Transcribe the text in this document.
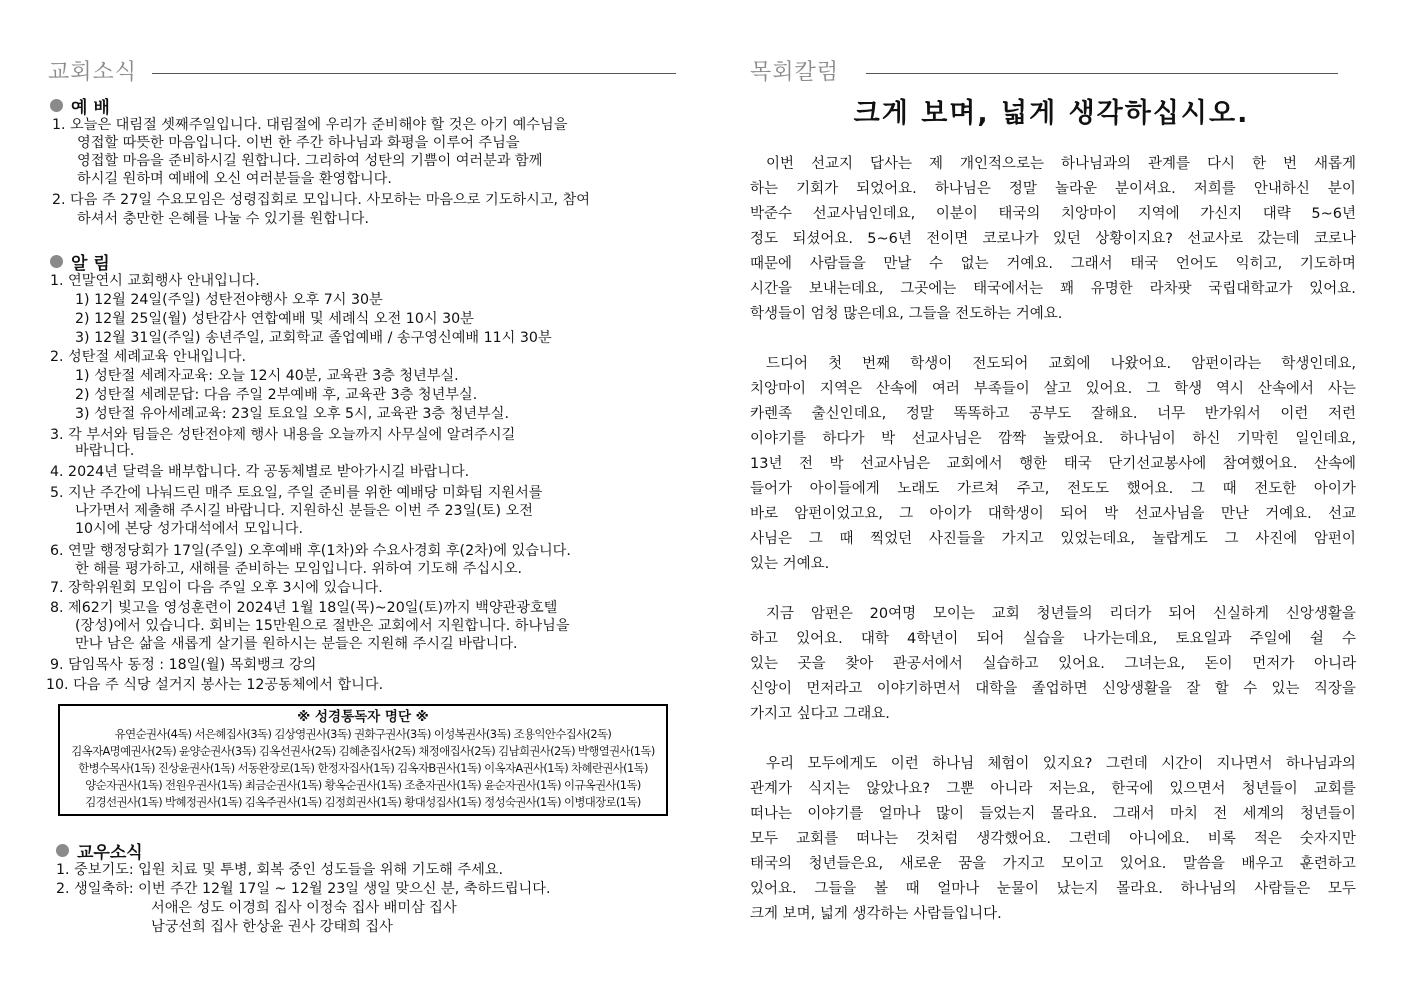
교회소식
예 배
1. 오늘은 대림절 셋째주일입니다. 대림절에 우리가 준비해야 할 것은 아기 예수님을
영접할 따뜻한 마음입니다. 이번 한 주간 하나님과 화평을 이루어 주님을
영접할 마음을 준비하시길 원합니다. 그리하여 성탄의 기쁨이 여러분과 함께
하시길 원하며 예배에 오신 여러분들을 환영합니다.
2. 다음 주 27일 수요모임은 성령집회로 모입니다. 사모하는 마음으로 기도하시고, 참여
하셔서 충만한 은혜를 나눌 수 있기를 원합니다.
알 림
1. 연말연시 교회행사 안내입니다.
1) 12월 24일(주일) 성탄전야행사 오후 7시 30분
2) 12월 25일(월) 성탄감사 연합예배 및 세례식 오전 10시 30분
3) 12월 31일(주일) 송년주일, 교회학교 졸업예배 / 송구영신예배 11시 30분
2. 성탄절 세례교육 안내입니다.
1) 성탄절 세례자교육: 오늘 12시 40분, 교육관 3층 청년부실.
2) 성탄절 세례문답: 다음 주일 2부예배 후, 교육관 3층 청년부실.
3) 성탄절 유아세례교육: 23일 토요일 오후 5시, 교육관 3층 청년부실.
3. 각 부서와 팀들은 성탄전야제 행사 내용을 오늘까지 사무실에 알려주시길
바랍니다.
4. 2024년 달력을 배부합니다. 각 공동체별로 받아가시길 바랍니다.
5. 지난 주간에 나눠드린 매주 토요일, 주일 준비를 위한 예배당 미화팀 지원서를
나가면서 제출해 주시길 바랍니다. 지원하신 분들은 이번 주 23일(토) 오전
10시에 본당 성가대석에서 모입니다.
6. 연말 행정당회가 17일(주일) 오후예배 후(1차)와 수요사경회 후(2차)에 있습니다.
한 해를 평가하고, 새해를 준비하는 모임입니다. 위하여 기도해 주십시오.
7. 장학위원회 모임이 다음 주일 오후 3시에 있습니다.
8. 제62기 빛고을 영성훈련이 2024년 1월 18일(목)~20일(토)까지 백양관광호텔
(장성)에서 있습니다. 회비는 15만원으로 절반은 교회에서 지원합니다. 하나님을
만나 남은 삶을 새롭게 살기를 원하시는 분들은 지원해 주시길 바랍니다.
9. 담임목사 동정 : 18일(월) 목회뱅크 강의
10. 다음 주 식당 설거지 봉사는 12공동체에서 합니다.
※ 성경통독자 명단 ※
유연순권사(4독) 서은혜집사(3독) 김상영권사(3독) 권화구권사(3독) 이성복권사(3독) 조용익안수집사(2독)
김옥자A명예권사(2독) 윤양순권사(3독) 김옥선권사(2독) 김혜춘집사(2독) 채정애집사(2독) 김남희권사(2독) 박행열권사(1독)
한병수목사(1독) 진상윤권사(1독) 서동완장로(1독) 한정자집사(1독) 김옥자B권사(1독) 이옥자A권사(1독) 차혜란권사(1독)
양순자권사(1독) 전원우권사(1독) 최금순권사(1독) 황옥순권사(1독) 조춘자권사(1독) 윤순자권사(1독) 이규옥권사(1독)
김경선권사(1독) 박혜정권사(1독) 김옥주권사(1독) 김정희권사(1독) 황대성집사(1독) 정성숙권사(1독) 이병대장로(1독)
교우소식
1. 중보기도: 입원 치료 및 투병, 회복 중인 성도들을 위해 기도해 주세요.
2. 생일축하: 이번 주간 12월 17일 ~ 12월 23일 생일 맞으신 분, 축하드립니다.
서애은 성도 이경희 집사 이정숙 집사 배미삼 집사
남궁선희 집사 한상윤 권사 강태희 집사
목회칼럼
크게 보며, 넓게 생각하십시오.
이번 선교지 답사는 제 개인적으로는 하나님과의 관계를 다시 한 번 새롭게
하는 기회가 되었어요. 하나님은 정말 놀라운 분이셔요. 저희를 안내하신 분이
박준수 선교사님인데요, 이분이 태국의 치앙마이 지역에 가신지 대략 5~6년
정도 되셨어요. 5~6년 전이면 코로나가 있던 상황이지요? 선교사로 갔는데 코로나
때문에 사람들을 만날 수 없는 거예요. 그래서 태국 언어도 익히고, 기도하며
시간을 보내는데요, 그곳에는 태국에서는 꽤 유명한 라차팟 국립대학교가 있어요.
학생들이 엄청 많은데요, 그들을 전도하는 거예요.
드디어 첫 번째 학생이 전도되어 교회에 나왔어요. 암펀이라는 학생인데요,
치앙마이 지역은 산속에 여러 부족들이 살고 있어요. 그 학생 역시 산속에서 사는
카렌족 출신인데요, 정말 똑똑하고 공부도 잘해요. 너무 반가워서 이런 저런
이야기를 하다가 박 선교사님은 깜짝 놀랐어요. 하나님이 하신 기막힌 일인데요,
13년 전 박 선교사님은 교회에서 행한 태국 단기선교봉사에 참여했어요. 산속에
들어가 아이들에게 노래도 가르쳐 주고, 전도도 했어요. 그 때 전도한 아이가
바로 암펀이었고요, 그 아이가 대학생이 되어 박 선교사님을 만난 거예요. 선교
사님은 그 때 찍었던 사진들을 가지고 있었는데요, 놀랍게도 그 사진에 암펀이
있는 거예요.
지금 암펀은 20여명 모이는 교회 청년들의 리더가 되어 신실하게 신앙생활을
하고 있어요. 대학 4학년이 되어 실습을 나가는데요, 토요일과 주일에 쉴 수
있는 곳을 찾아 관공서에서 실습하고 있어요. 그녀는요, 돈이 먼저가 아니라
신앙이 먼저라고 이야기하면서 대학을 졸업하면 신앙생활을 잘 할 수 있는 직장을
가지고 싶다고 그래요.
우리 모두에게도 이런 하나님 체험이 있지요? 그런데 시간이 지나면서 하나님과의
관계가 식지는 않았나요? 그뿐 아니라 저는요, 한국에 있으면서 청년들이 교회를
떠나는 이야기를 얼마나 많이 들었는지 몰라요. 그래서 마치 전 세계의 청년들이
모두 교회를 떠나는 것처럼 생각했어요. 그런데 아니에요. 비록 적은 숫자지만
태국의 청년들은요, 새로운 꿈을 가지고 모이고 있어요. 말씀을 배우고 훈련하고
있어요. 그들을 볼 때 얼마나 눈물이 났는지 몰라요. 하나님의 사람들은 모두
크게 보며, 넓게 생각하는 사람들입니다.
